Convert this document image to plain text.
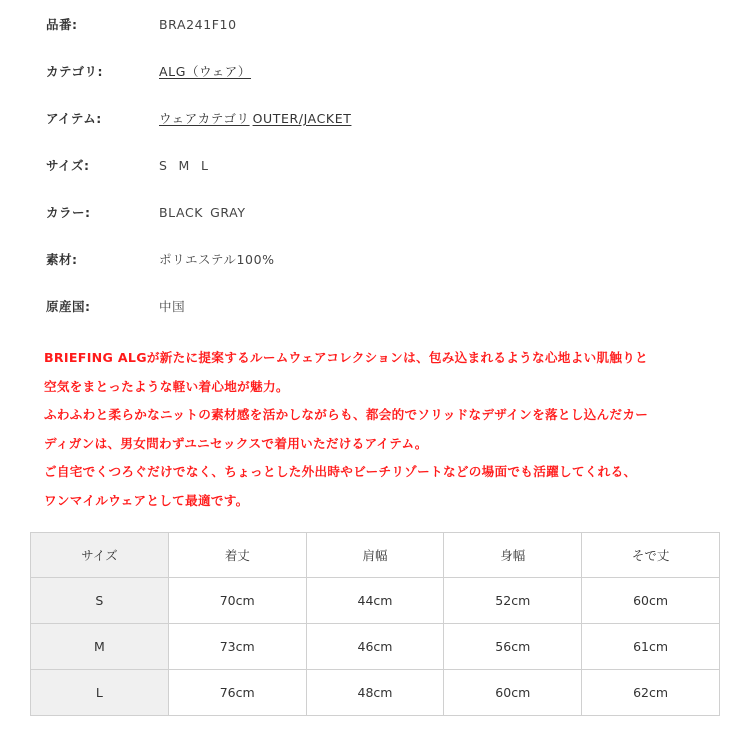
品番:	BRA241F10
カテゴリ:	ALG（ウェア）
アイテム:	ウェアカテゴリ OUTER/JACKET
サイズ:	S M L
カラー:	BLACK GRAY
素材:	ポリエステル100%
原産国:	中国
BRIEFING ALGが新たに提案するルームウェアコレクションは、包み込まれるような心地よい肌触りと
空気をまとったような軽い着心地が魅力。
ふわふわと柔らかなニットの素材感を活かしながらも、都会的でソリッドなデザインを落とし込んだカー
ディガンは、男女問わずユニセックスで着用いただけるアイテム。
ご自宅でくつろぐだけでなく、ちょっとした外出時やビーチリゾートなどの場面でも活躍してくれる、
ワンマイルウェアとして最適です。
サイズ	着丈	肩幅	身幅	そで丈
S	70cm	44cm	52cm	60cm
M	73cm	46cm	56cm	61cm
L	76cm	48cm	60cm	62cm
